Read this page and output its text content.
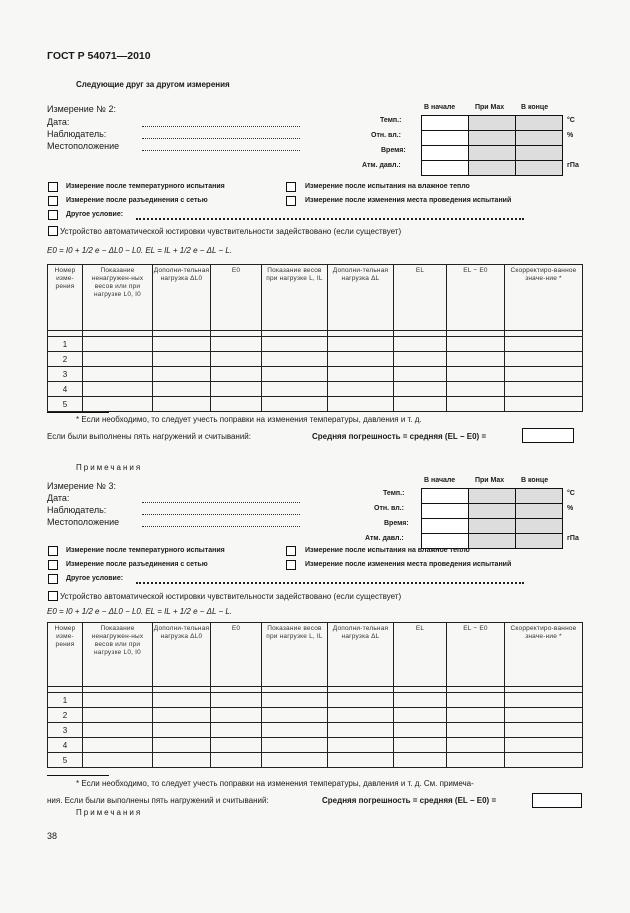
ГОСТ Р 54071—2010
Следующие друг за другом измерения
Измерение № 2:
Дата:
Наблюдатель:
Местоположение
В начале	При Max В конце
Темп.:
Отн. вл.:
Время:
Атм. давл.:
°C
%
гПа
Измерение после температурного испытания	Измерение после испытания на влажное тепло
Измерение после разъединения с сетью	Измерение после изменения места проведения испытаний
Другое условие:
Устройство автоматической юстировки чувствительности задействовано (если существует)
E0 = I0 + 1/2 e − ΔL0 − L0. EL = IL + 1/2 e − ΔL − L.
Номер изме-рения	Показание ненагружен-ных весов или при нагрузке L0, I0	Дополни-тельная нагрузка ΔL0	E0	Показание весов при нагрузке L, IL	Дополни-тельная нагрузка ΔL	EL	EL − E0	Скорректиро-ванное значе-ние *

1								
2								
3								
4								
5								
* Если необходимо, то следует учесть поправки на изменения температуры, давления и т. д.
Если были выполнены пять нагружений и считываний:	Средняя погрешность = средняя (EL − E0) =
Примечания
В начале	При Max В конце
Измерение № 3:
Дата:
Наблюдатель:
Местоположение
Темп.:
Отн. вл.:
Время:
Атм. давл.:
°C
%
гПа
Измерение после температурного испытания	Измерение после испытания на влажное тепло
Измерение после разъединения с сетью	Измерение после изменения места проведения испытаний
Другое условие:
Устройство автоматической юстировки чувствительности задействовано (если существует)
E0 = I0 + 1/2 e − ΔL0 − L0. EL = IL + 1/2 e − ΔL − L.
Номер изме-рения	Показание ненагружен-ных весов или при нагрузке L0, I0	Дополни-тельная нагрузка ΔL0	E0	Показание весов при нагрузке L, IL	Дополни-тельная нагрузка ΔL	EL	EL − E0	Скорректиро-ванное значе-ние *

1								
2								
3								
4								
5								
* Если необходимо, то следует учесть поправки на изменения температуры, давления и т. д. См. примеча-
ния. Если были выполнены пять нагружений и считываний:	Средняя погрешность = средняя (EL − E0) =
Примечания
38
